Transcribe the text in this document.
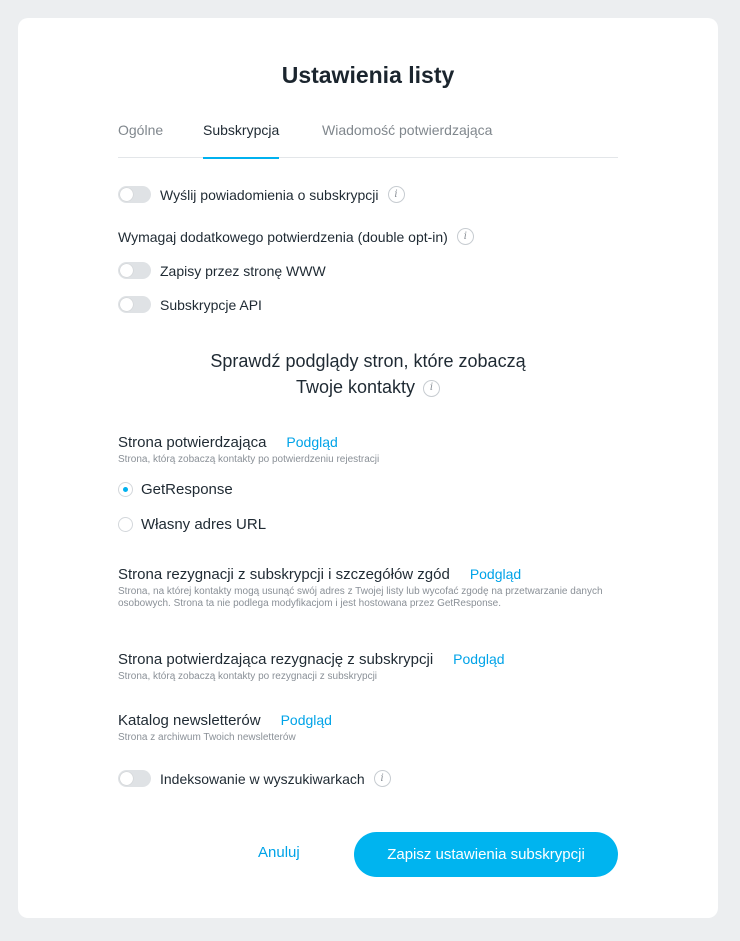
Ustawienia listy
Ogólne	Subskrypcja	Wiadomość potwierdzająca
Wyślij powiadomienia o subskrypcji	i
Wymagaj dodatkowego potwierdzenia (double opt-in)	i
Zapisy przez stronę WWW
Subskrypcje API
Sprawdź podglądy stron, które zobaczą
Twoje kontakty i
Strona potwierdzająca Podgląd
Strona, którą zobaczą kontakty po potwierdzeniu rejestracji
GetResponse
Własny adres URL
Strona rezygnacji z subskrypcji i szczegółów zgód Podgląd
Strona, na której kontakty mogą usunąć swój adres z Twojej listy lub wycofać zgodę na przetwarzanie danych osobowych. Strona ta nie podlega modyfikacjom i jest hostowana przez GetResponse.
Strona potwierdzająca rezygnację z subskrypcji Podgląd
Strona, którą zobaczą kontakty po rezygnacji z subskrypcji
Katalog newsletterów Podgląd
Strona z archiwum Twoich newsletterów
Indeksowanie w wyszukiwarkach	i
Anuluj	Zapisz ustawienia subskrypcji
